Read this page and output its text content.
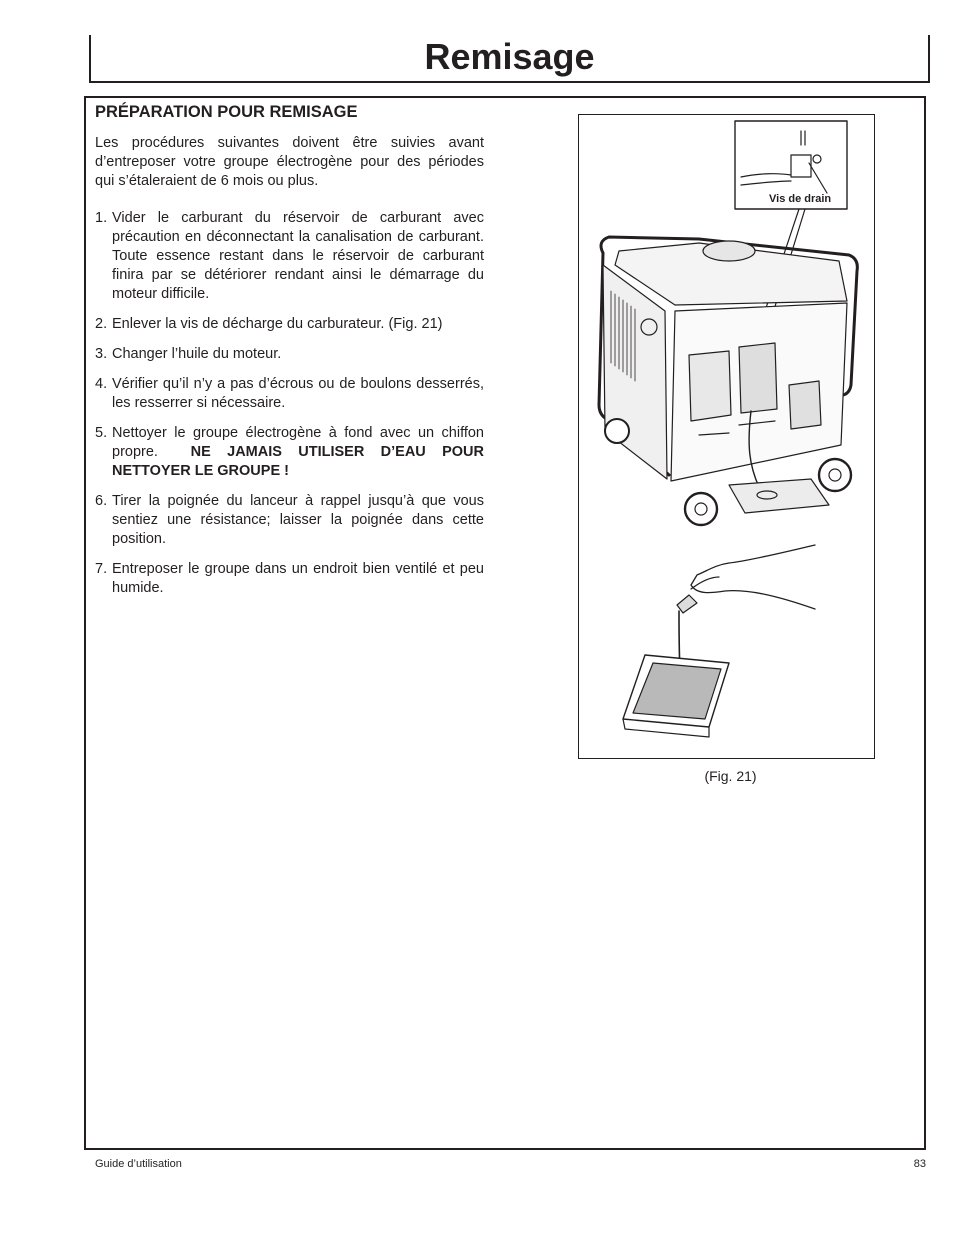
Remisage
PRÉPARATION POUR REMISAGE

Les procédures suivantes doivent être suivies avant d’entreposer votre groupe électrogène pour des périodes qui s’étaleraient de 6 mois ou plus.

1. Vider le carburant du réservoir de carburant avec précaution en déconnectant la canalisation de carburant. Toute essence restant dans le réservoir de carburant finira par se détériorer rendant ainsi le démarrage du moteur difficile.
2. Enlever la vis de décharge du carburateur. (Fig. 21)
3. Changer l’huile du moteur.
4. Vérifier qu’il n’y a pas d’écrous ou de boulons desserrés, les resserrer si nécessaire.
5. Nettoyer le groupe électrogène à fond avec un chiffon propre. NE JAMAIS UTILISER D’EAU POUR NETTOYER LE GROUPE !
6. Tirer la poignée du lanceur à rappel jusqu’à que vous sentiez une résistance; laisser la poignée dans cette position.
7. Entreposer le groupe dans un endroit bien ventilé et peu humide.
Vis de drain
(Fig. 21)
Guide d’utilisation	83
